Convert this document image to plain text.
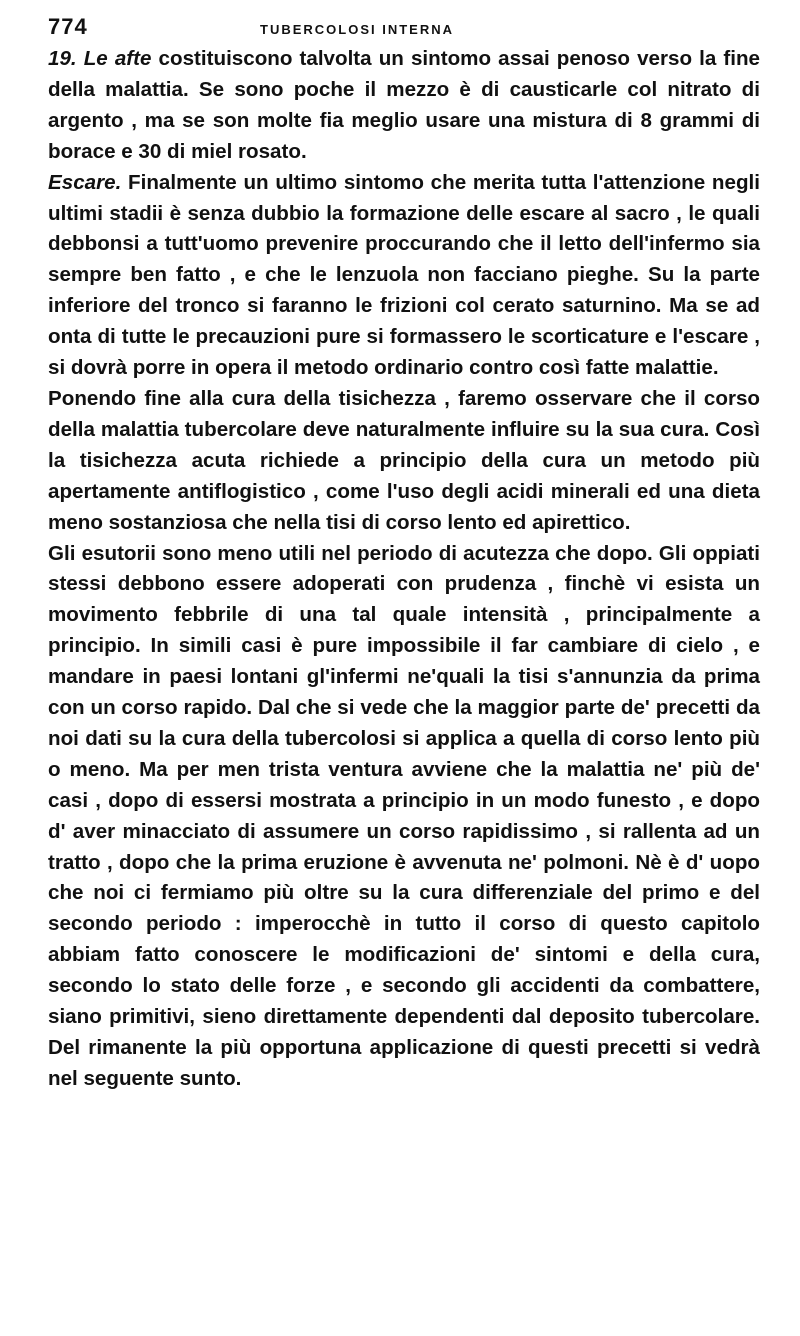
774	TUBERCOLOSI INTERNA

19. Le afte costituiscono talvolta un sintomo assai penoso verso la fine della malattia. Se sono poche il mezzo è di causticarle col nitrato di argento , ma se son molte fia meglio usare una mistura di 8 grammi di borace e 30 di miel rosato.

Escare. Finalmente un ultimo sintomo che merita tutta l'attenzione negli ultimi stadii è senza dubbio la formazione delle escare al sacro , le quali debbonsi a tutt'uomo prevenire proccurando che il letto dell'infermo sia sempre ben fatto , e che le lenzuola non facciano pieghe. Su la parte inferiore del tronco si faranno le frizioni col cerato saturnino. Ma se ad onta di tutte le precauzioni pure si formassero le scorticature e l'escare , si dovrà porre in opera il metodo ordinario contro così fatte malattie.

Ponendo fine alla cura della tisichezza , faremo osservare che il corso della malattia tubercolare deve naturalmente influire su la sua cura. Così la tisichezza acuta richiede a principio della cura un metodo più apertamente antiflogistico , come l'uso degli acidi minerali ed una dieta meno sostanziosa che nella tisi di corso lento ed apirettico.

Gli esutorii sono meno utili nel periodo di acutezza che dopo. Gli oppiati stessi debbono essere adoperati con prudenza , finchè vi esista un movimento febbrile di una tal quale intensità , principalmente a principio. In simili casi è pure impossibile il far cambiare di cielo , e mandare in paesi lontani gl'infermi ne'quali la tisi s'annunzia da prima con un corso rapido. Dal che si vede che la maggior parte de' precetti da noi dati su la cura della tubercolosi si applica a quella di corso lento più o meno. Ma per men trista ventura avviene che la malattia ne' più de' casi , dopo di essersi mostrata a principio in un modo funesto , e dopo d' aver minacciato di assumere un corso rapidissimo , si rallenta ad un tratto , dopo che la prima eruzione è avvenuta ne' polmoni. Nè è d' uopo che noi ci fermiamo più oltre su la cura differenziale del primo e del secondo periodo : imperocchè in tutto il corso di questo capitolo abbiam fatto conoscere le modificazioni de' sintomi e della cura, secondo lo stato delle forze , e secondo gli accidenti da combattere, siano primitivi, sieno direttamente dependenti dal deposito tubercolare. Del rimanente la più opportuna applicazione di questi precetti si vedrà nel seguente sunto.
